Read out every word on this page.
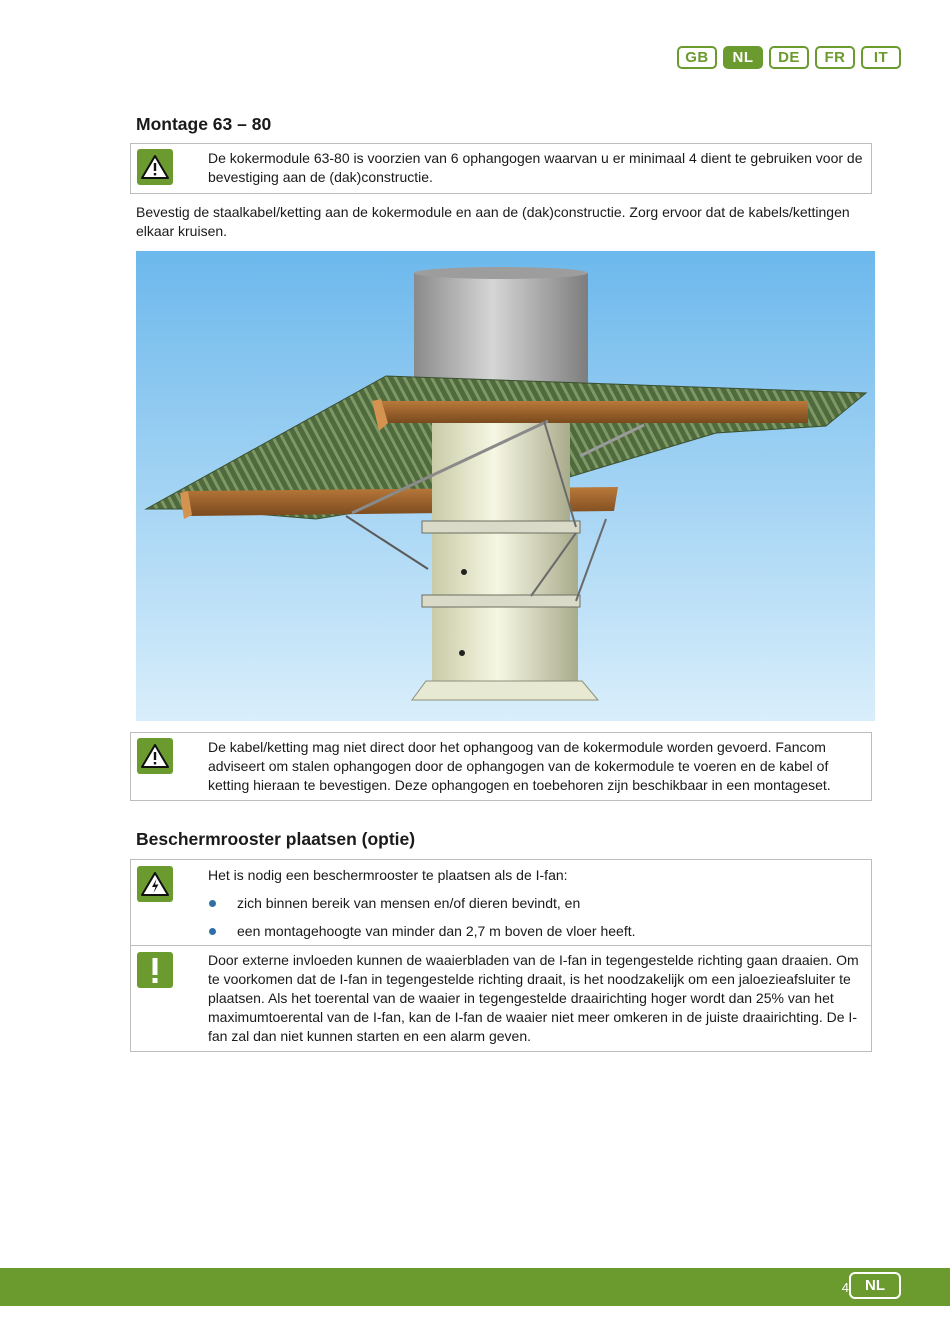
GB	NL	DE	FR	IT
Montage 63 – 80
De kokermodule 63-80 is voorzien van 6 ophangogen waarvan u er minimaal 4 dient te gebruiken voor de bevestiging aan de (dak)constructie.

Bevestig de staalkabel/ketting aan de kokermodule en aan de (dak)constructie. Zorg ervoor dat de kabels/kettingen elkaar kruisen.

De kabel/ketting mag niet direct door het ophangoog van de kokermodule worden gevoerd. Fancom adviseert om stalen ophangogen door de ophangogen van de kokermodule te voeren en de kabel of ketting hieraan te bevestigen. Deze ophangogen en toebehoren zijn beschikbaar in een montageset.
Beschermrooster plaatsen (optie)
Het is nodig een beschermrooster te plaatsen als de I-fan:
zich binnen bereik van mensen en/of dieren bevindt, en
een montagehoogte van minder dan 2,7 m boven de vloer heeft.
Door externe invloeden kunnen de waaierbladen van de I-fan in tegengestelde richting gaan draaien. Om te voorkomen dat de I-fan in tegengestelde richting draait, is het noodzakelijk om een jaloezieafsluiter te plaatsen. Als het toerental van de waaier in tegengestelde draairichting hoger wordt dan 25% van het maximumtoerental van de I-fan, kan de I-fan de waaier niet meer omkeren in de juiste draairichting. De I-fan zal dan niet kunnen starten en een alarm geven.
4	NL
